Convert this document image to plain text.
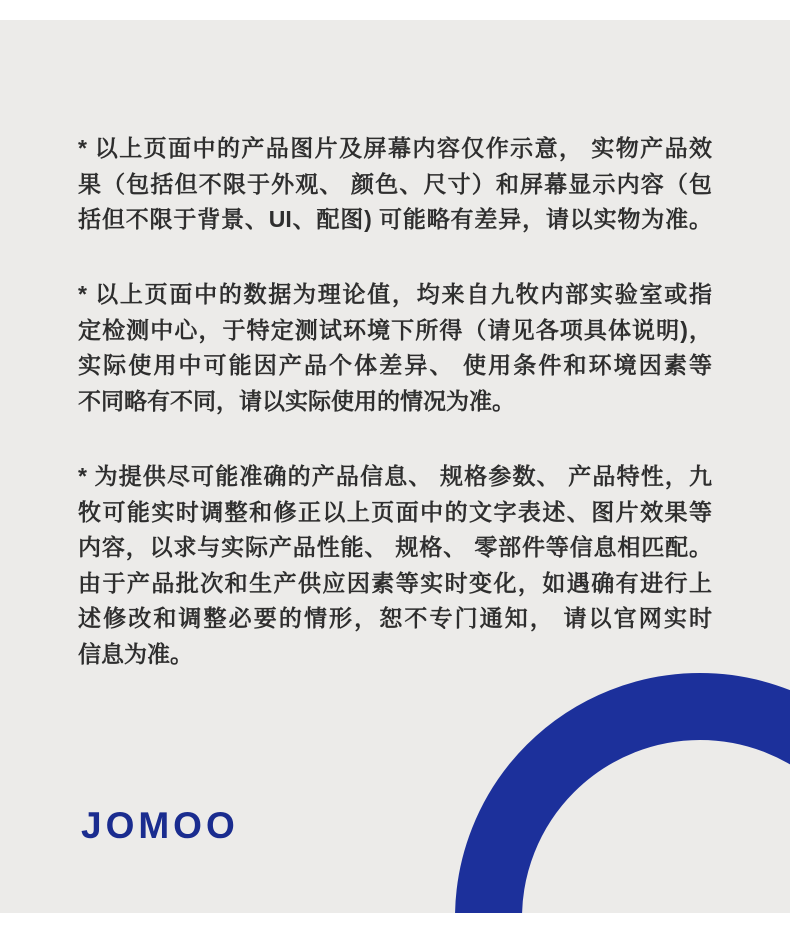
* 以上页面中的产品图片及屏幕内容仅作示意， 实物产品效
果（包括但不限于外观、 颜色、尺寸）和屏幕显示内容（包
括但不限于背景、UI、配图) 可能略有差异，请以实物为准。
* 以上页面中的数据为理论值，均来自九牧内部实验室或指
定检测中心，于特定测试环境下所得（请见各项具体说明)，
实际使用中可能因产品个体差异、 使用条件和环境因素等
不同略有不同，请以实际使用的情况为准。
* 为提供尽可能准确的产品信息、 规格参数、 产品特性，九
牧可能实时调整和修正以上页面中的文字表述、图片效果等
内容，以求与实际产品性能、 规格、 零部件等信息相匹配。
由于产品批次和生产供应因素等实时变化，如遇确有进行上
述修改和调整必要的情形，恕不专门通知， 请以官网实时
信息为准。
JOMOO
